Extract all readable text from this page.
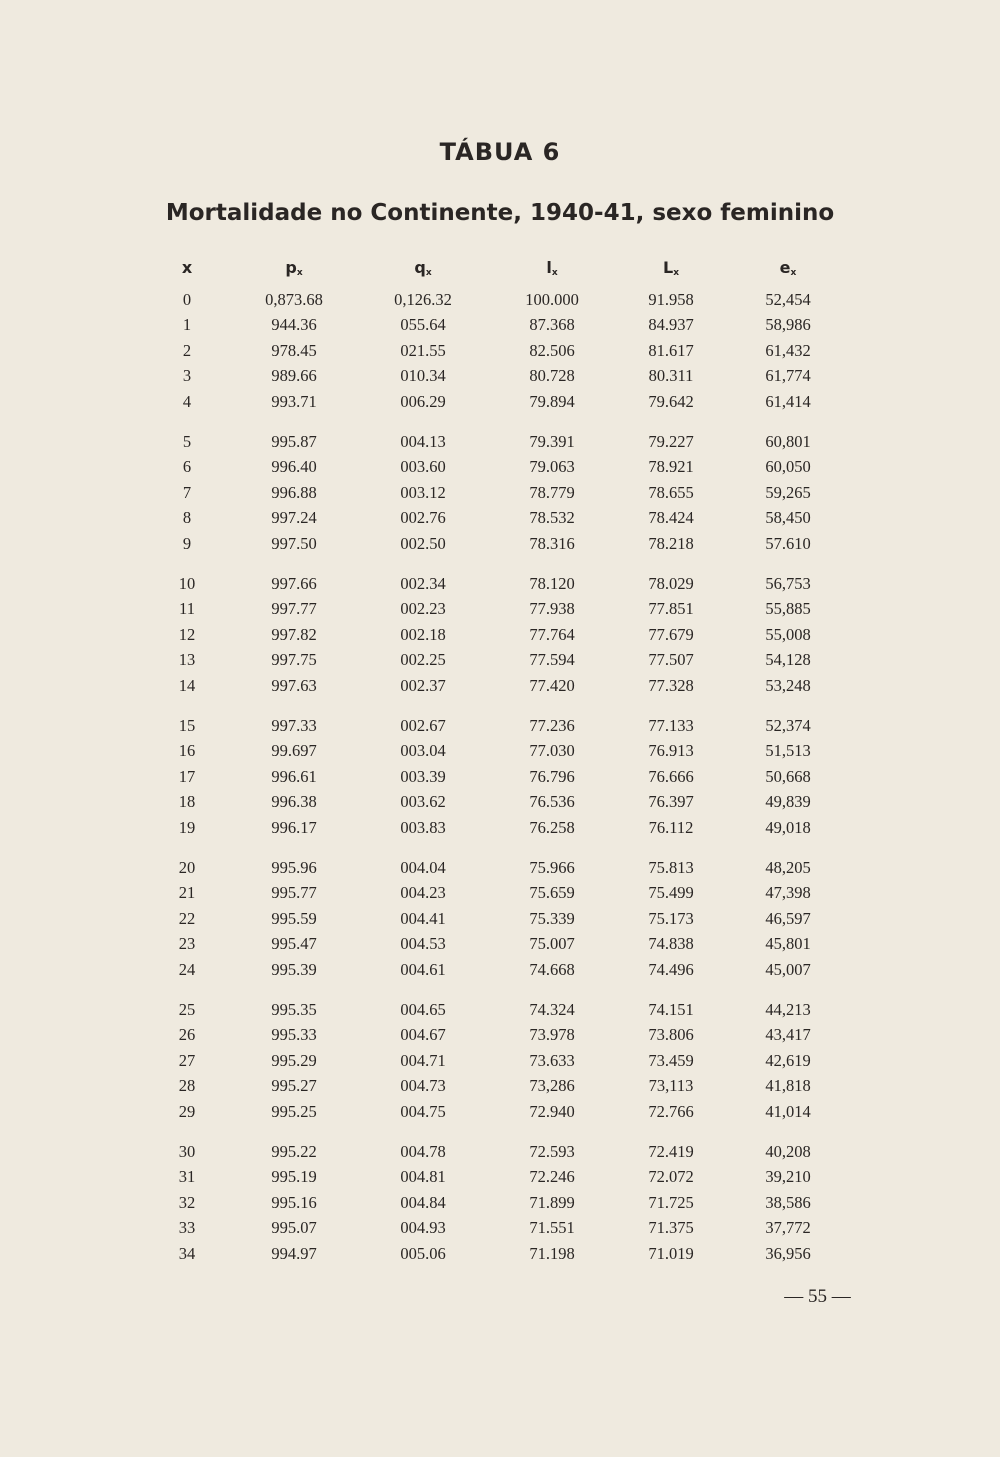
TÁBUA 6
Mortalidade no Continente, 1940-41, sexo feminino
x	$p_x$	$q_x$	$l_x$	$L_x$	$e_x$
0	0,873.68	0,126.32	100.000	91.958	52,454
1	944.36	055.64	87.368	84.937	58,986
2	978.45	021.55	82.506	81.617	61,432
3	989.66	010.34	80.728	80.311	61,774
4	993.71	006.29	79.894	79.642	61,414
5	995.87	004.13	79.391	79.227	60,801
6	996.40	003.60	79.063	78.921	60,050
7	996.88	003.12	78.779	78.655	59,265
8	997.24	002.76	78.532	78.424	58,450
9	997.50	002.50	78.316	78.218	57.610
10	997.66	002.34	78.120	78.029	56,753
11	997.77	002.23	77.938	77.851	55,885
12	997.82	002.18	77.764	77.679	55,008
13	997.75	002.25	77.594	77.507	54,128
14	997.63	002.37	77.420	77.328	53,248
15	997.33	002.67	77.236	77.133	52,374
16	99.697	003.04	77.030	76.913	51,513
17	996.61	003.39	76.796	76.666	50,668
18	996.38	003.62	76.536	76.397	49,839
19	996.17	003.83	76.258	76.112	49,018
20	995.96	004.04	75.966	75.813	48,205
21	995.77	004.23	75.659	75.499	47,398
22	995.59	004.41	75.339	75.173	46,597
23	995.47	004.53	75.007	74.838	45,801
24	995.39	004.61	74.668	74.496	45,007
25	995.35	004.65	74.324	74.151	44,213
26	995.33	004.67	73.978	73.806	43,417
27	995.29	004.71	73.633	73.459	42,619
28	995.27	004.73	73,286	73,113	41,818
29	995.25	004.75	72.940	72.766	41,014
30	995.22	004.78	72.593	72.419	40,208
31	995.19	004.81	72.246	72.072	39,210
32	995.16	004.84	71.899	71.725	38,586
33	995.07	004.93	71.551	71.375	37,772
34	994.97	005.06	71.198	71.019	36,956
— 55 —
